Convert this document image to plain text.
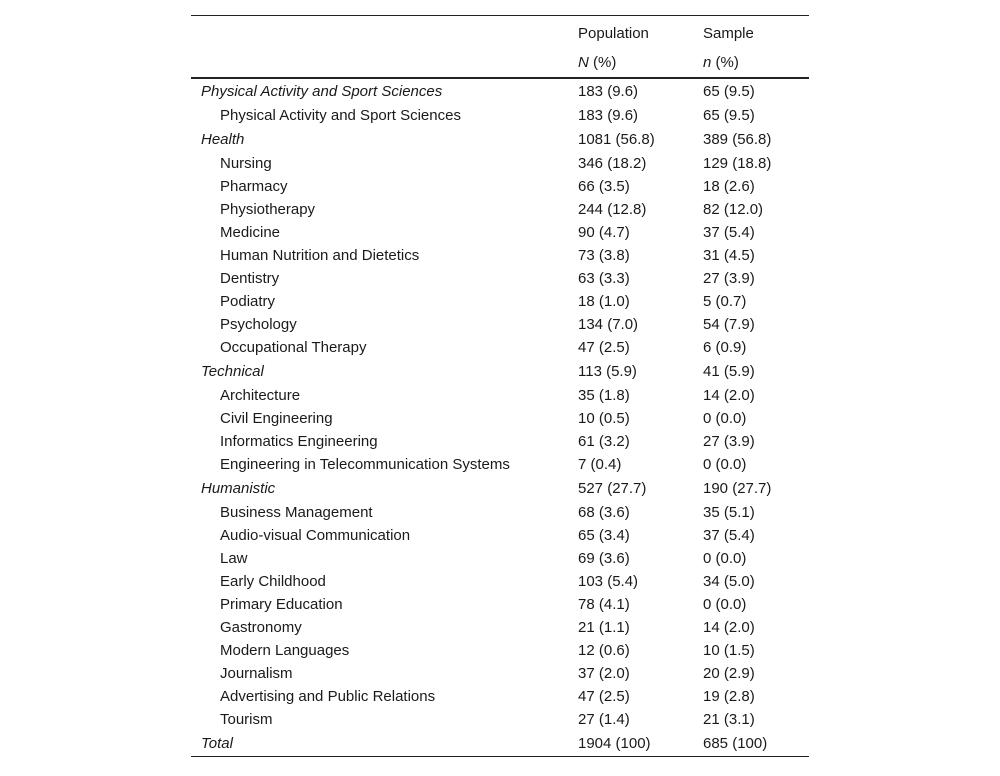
	Population	Sample
	N (%)	n (%)
Physical Activity and Sport Sciences	183 (9.6)	65 (9.5)
Physical Activity and Sport Sciences	183 (9.6)	65 (9.5)
Health	1081 (56.8)	389 (56.8)
Nursing	346 (18.2)	129 (18.8)
Pharmacy	66 (3.5)	18 (2.6)
Physiotherapy	244 (12.8)	82 (12.0)
Medicine	90 (4.7)	37 (5.4)
Human Nutrition and Dietetics	73 (3.8)	31 (4.5)
Dentistry	63 (3.3)	27 (3.9)
Podiatry	18 (1.0)	5 (0.7)
Psychology	134 (7.0)	54 (7.9)
Occupational Therapy	47 (2.5)	6 (0.9)
Technical	113 (5.9)	41 (5.9)
Architecture	35 (1.8)	14 (2.0)
Civil Engineering	10 (0.5)	0 (0.0)
Informatics Engineering	61 (3.2)	27 (3.9)
Engineering in Telecommunication Systems	7 (0.4)	0 (0.0)
Humanistic	527 (27.7)	190 (27.7)
Business Management	68 (3.6)	35 (5.1)
Audio-visual Communication	65 (3.4)	37 (5.4)
Law	69 (3.6)	0 (0.0)
Early Childhood	103 (5.4)	34 (5.0)
Primary Education	78 (4.1)	0 (0.0)
Gastronomy	21 (1.1)	14 (2.0)
Modern Languages	12 (0.6)	10 (1.5)
Journalism	37 (2.0)	20 (2.9)
Advertising and Public Relations	47 (2.5)	19 (2.8)
Tourism	27 (1.4)	21 (3.1)
Total	1904 (100)	685 (100)
